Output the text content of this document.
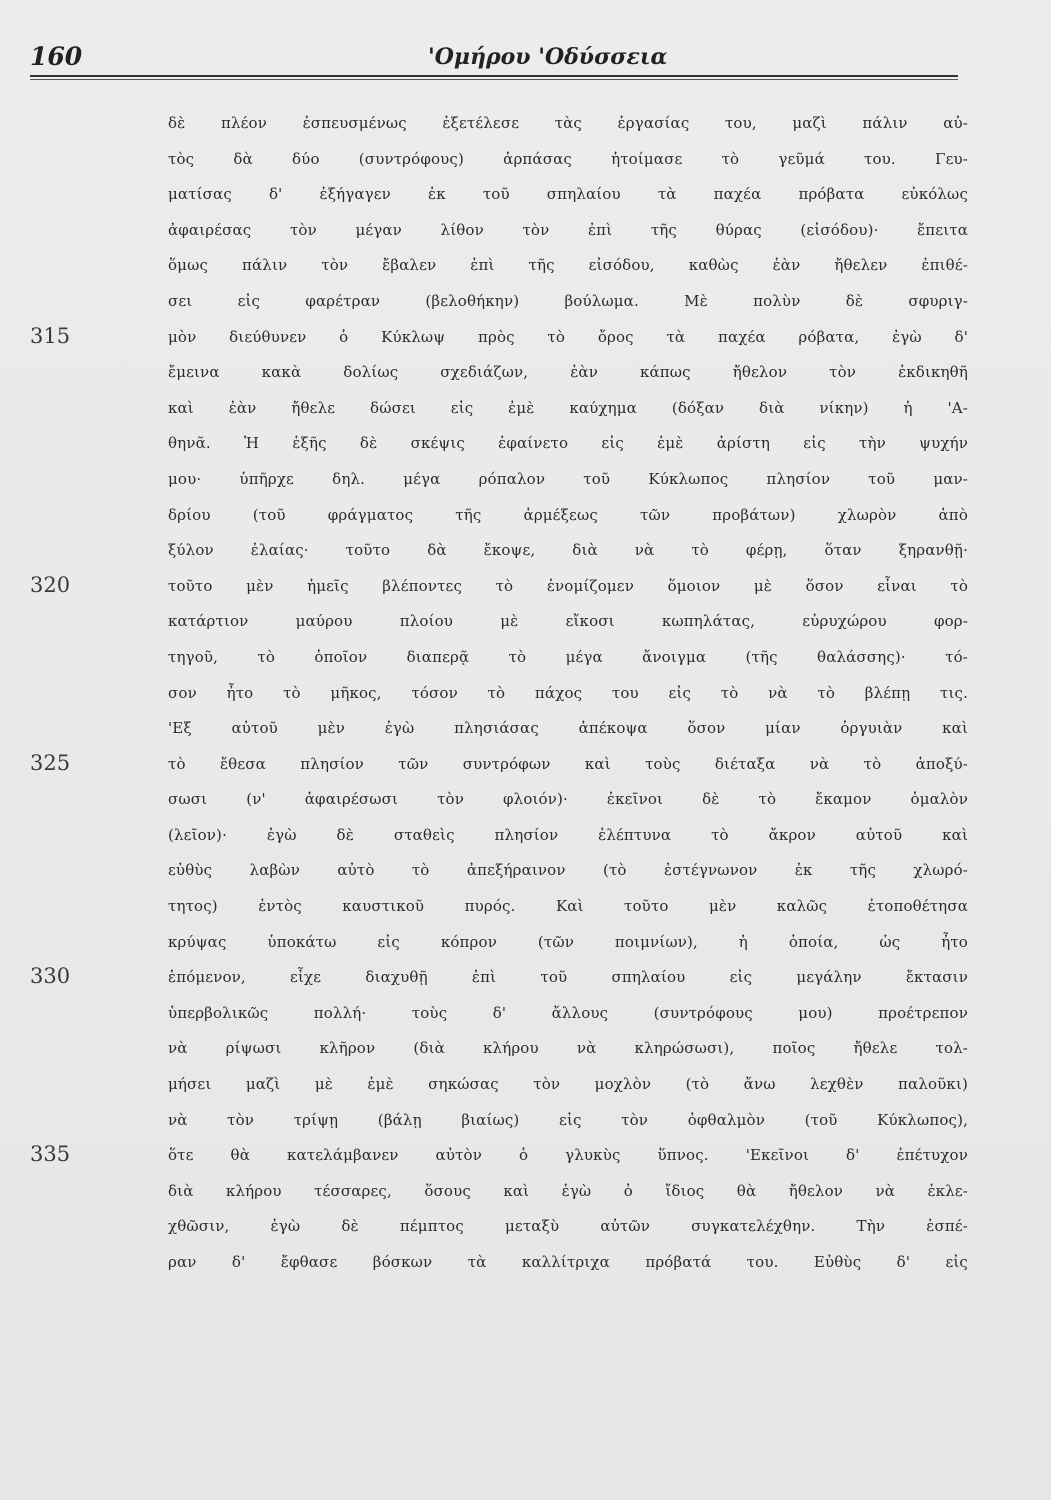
160	'Ομήρου 'Οδύσσεια
δὲ πλέον ἐσπευσμένως ἐξετέλεσε τὰς ἐργασίας του, μαζὶ πάλιν αὐ-
τὸς δὰ δύο (συντρόφους) ἁρπάσας ἡτοίμασε τὸ γεῦμά του. Γευ-
ματίσας δ' ἐξήγαγεν ἐκ τοῦ σπηλαίου τὰ παχέα πρόβατα εὐκόλως
ἀφαιρέσας τὸν μέγαν λίθον τὸν ἐπὶ τῆς θύρας (εἰσόδου)· ἔπειτα
ὅμως πάλιν τὸν ἔβαλεν ἐπὶ τῆς εἰσόδου, καθὼς ἐὰν ἤθελεν ἐπιθέ-
σει εἰς φαρέτραν (βελοθήκην) βούλωμα. Μὲ πολὺν δὲ σφυριγ-
μὸν διεύθυνεν ὁ Κύκλωψ πρὸς τὸ ὄρος τὰ παχέα ρόβατα, ἐγὼ δ'
ἔμεινα κακὰ δολίως σχεδιάζων, ἐὰν κάπως ἤθελον τὸν ἐκδικηθῆ
καὶ ἐὰν ἤθελε δώσει εἰς ἐμὲ καύχημα (δόξαν διὰ νίκην) ἡ 'Α-
θηνᾶ. Ἡ ἑξῆς δὲ σκέψις ἐφαίνετο εἰς ἐμὲ ἀρίστη εἰς τὴν ψυχήν
μου· ὑπῆρχε δηλ. μέγα ρόπαλον τοῦ Κύκλωπος πλησίον τοῦ μαν-
δρίου (τοῦ φράγματος τῆς ἀρμέξεως τῶν προβάτων) χλωρὸν ἀπὸ
ξύλον ἐλαίας· τοῦτο δὰ ἔκοψε, διὰ νὰ τὸ φέρῃ, ὅταν ξηρανθῇ·
τοῦτο μὲν ἡμεῖς βλέποντες τὸ ἐνομίζομεν ὅμοιον μὲ ὅσον εἶναι τὸ
κατάρτιον μαύρου πλοίου μὲ εἴκοσι κωπηλάτας, εὐρυχώρου φορ-
τηγοῦ, τὸ ὁποῖον διαπερᾷ τὸ μέγα ἄνοιγμα (τῆς θαλάσσης)· τό-
σον ἦτο τὸ μῆκος, τόσον τὸ πάχος του εἰς τὸ νὰ τὸ βλέπῃ τις.
'Εξ αὐτοῦ μὲν ἐγὼ πλησιάσας ἀπέκοψα ὅσον μίαν ὀργυιὰν καὶ
τὸ ἔθεσα πλησίον τῶν συντρόφων καὶ τοὺς διέταξα νὰ τὸ ἀποξύ-
σωσι (ν' ἀφαιρέσωσι τὸν φλοιόν)· ἐκεῖνοι δὲ τὸ ἔκαμον ὁμαλὸν
(λεῖον)· ἐγὼ δὲ σταθεὶς πλησίον ἐλέπτυνα τὸ ἄκρον αὐτοῦ καὶ
εὐθὺς λαβὼν αὐτὸ τὸ ἀπεξήραινον (τὸ ἐστέγνωνον ἐκ τῆς χλωρό-
τητος) ἐντὸς καυστικοῦ πυρός. Καὶ τοῦτο μὲν καλῶς ἐτοποθέτησα
κρύψας ὑποκάτω εἰς κόπρον (τῶν ποιμνίων), ἡ ὁποία, ὡς ἦτο
ἑπόμενον, εἶχε διαχυθῇ ἐπὶ τοῦ σπηλαίου εἰς μεγάλην ἔκτασιν
ὑπερβολικῶς πολλή· τοὺς δ' ἄλλους (συντρόφους μου) προέτρεπον
νὰ ρίψωσι κλῆρον (διὰ κλήρου νὰ κληρώσωσι), ποῖος ἤθελε τολ-
μήσει μαζὶ μὲ ἐμὲ σηκώσας τὸν μοχλὸν (τὸ ἄνω λεχθὲν παλοῦκι)
νὰ τὸν τρίψῃ (βάλῃ βιαίως) εἰς τὸν ὀφθαλμὸν (τοῦ Κύκλωπος),
ὅτε θὰ κατελάμβανεν αὐτὸν ὁ γλυκὺς ὕπνος. 'Εκεῖνοι δ' ἐπέτυχον
διὰ κλήρου τέσσαρες, ὅσους καὶ ἐγὼ ὁ ἴδιος θὰ ἤθελον νὰ ἐκλε-
χθῶσιν, ἐγὼ δὲ πέμπτος μεταξὺ αὐτῶν συγκατελέχθην. Τὴν ἑσπέ-
ραν δ' ἔφθασε βόσκων τὰ καλλίτριχα πρόβατά του. Εὐθὺς δ' εἰς
315
320
325
330
335
